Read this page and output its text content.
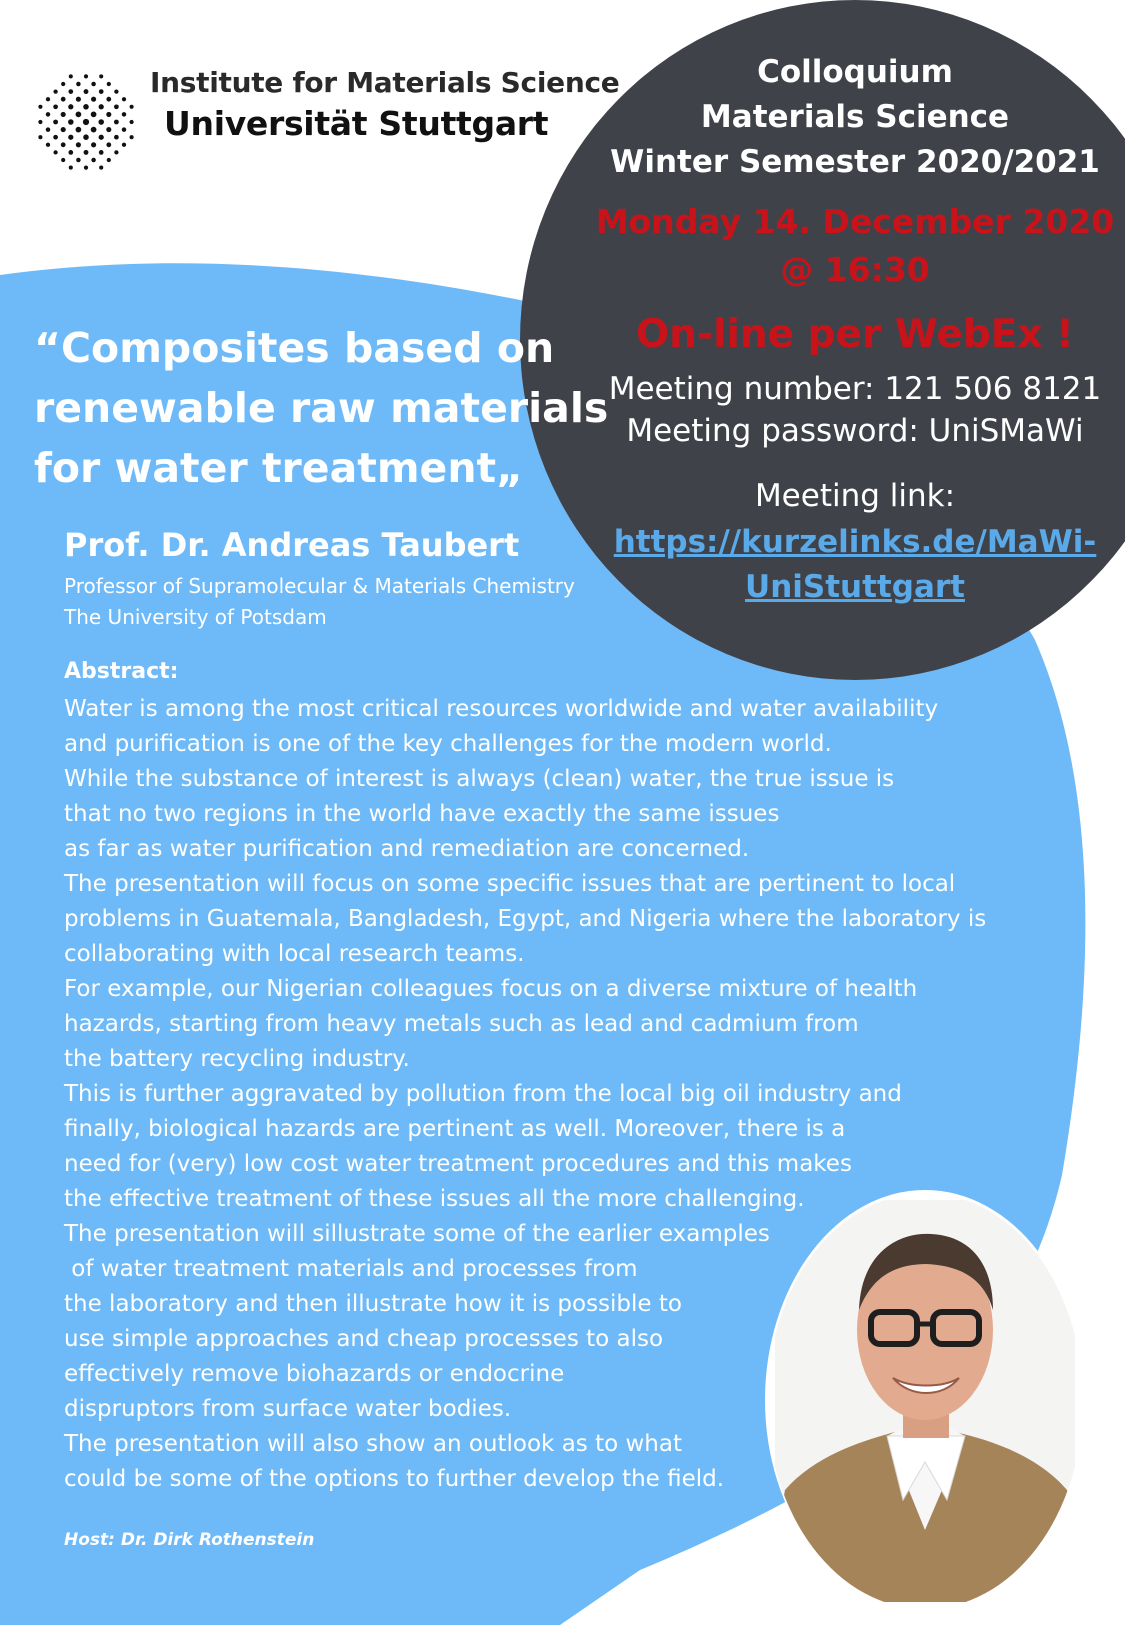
Institute for Materials Science
Universität Stuttgart
Colloquium
Materials Science
Winter Semester 2020/2021
Monday 14. December 2020
@ 16:30
On-line per WebEx !
Meeting number: 121 506 8121
Meeting password: UniSMaWi
Meeting link:
https://kurzelinks.de/MaWi-
UniStuttgart
“Composites based on
renewable raw materials
for water treatment„
Prof. Dr. Andreas Taubert
Professor of Supramolecular & Materials Chemistry
The University of Potsdam
Abstract:
Water is among the most critical resources worldwide and water availability
and purification is one of the key challenges for the modern world.
While the substance of interest is always (clean) water, the true issue is
that no two regions in the world have exactly the same issues
as far as water purification and remediation are concerned.
The presentation will focus on some specific issues that are pertinent to local
problems in Guatemala, Bangladesh, Egypt, and Nigeria where the laboratory is
collaborating with local research teams.
For example, our Nigerian colleagues focus on a diverse mixture of health
hazards, starting from heavy metals such as lead and cadmium from
the battery recycling industry.
This is further aggravated by pollution from the local big oil industry and
finally, biological hazards are pertinent as well. Moreover, there is a
need for (very) low cost water treatment procedures and this makes
the effective treatment of these issues all the more challenging.
The presentation will sillustrate some of the earlier examples
of water treatment materials and processes from
the laboratory and then illustrate how it is possible to
use simple approaches and cheap processes to also
effectively remove biohazards or endocrine
dispruptors from surface water bodies.
The presentation will also show an outlook as to what
could be some of the options to further develop the field.
Host: Dr. Dirk Rothenstein
